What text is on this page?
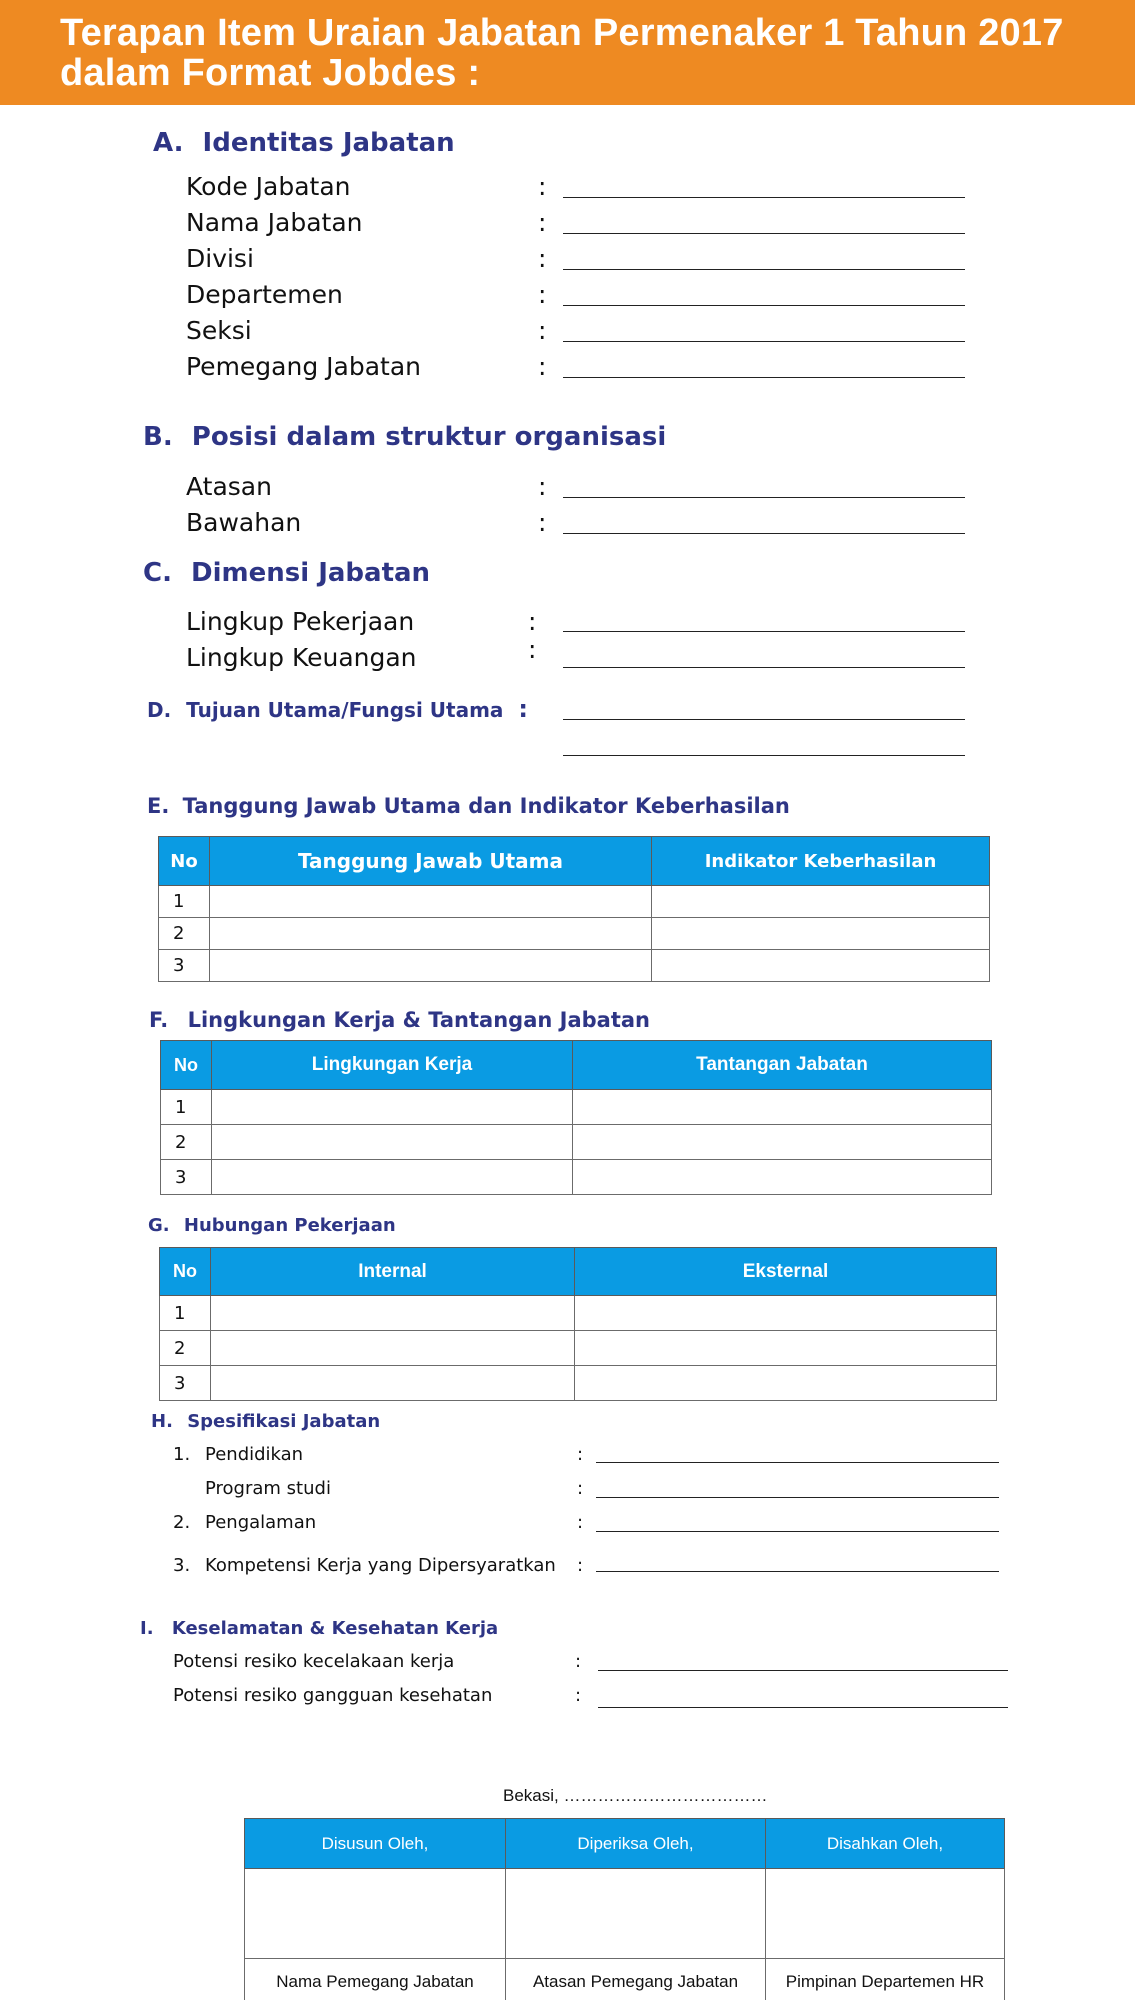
Terapan Item Uraian Jabatan Permenaker 1 Tahun 2017
dalam Format Jobdes :
A. Identitas Jabatan
Kode Jabatan	:
Nama Jabatan	:
Divisi	:
Departemen	:
Seksi	:
Pemegang Jabatan	:
B. Posisi dalam struktur organisasi
Atasan	:
Bawahan	:
C. Dimensi Jabatan
Lingkup Pekerjaan	:
Lingkup Keuangan	:
D. Tujuan Utama/Fungsi Utama :
E. Tanggung Jawab Utama dan Indikator Keberhasilan
No	Tanggung Jawab Utama	Indikator Keberhasilan
1		
2		
3		
F. Lingkungan Kerja & Tantangan Jabatan
No	Lingkungan Kerja	Tantangan Jabatan
1		
2		
3		
G. Hubungan Pekerjaan
No	Internal	Eksternal
1		
2		
3		
H. Spesifikasi Jabatan
1. Pendidikan	:
Program studi	:
2. Pengalaman	:
3. Kompetensi Kerja yang Dipersyaratkan :
I. Keselamatan & Kesehatan Kerja
Potensi resiko kecelakaan kerja	:
Potensi resiko gangguan kesehatan	:
Bekasi, ………………………………
Disusun Oleh,	Diperiksa Oleh,	Disahkan Oleh,

Nama Pemegang Jabatan	Atasan Pemegang Jabatan	Pimpinan Departemen HR
